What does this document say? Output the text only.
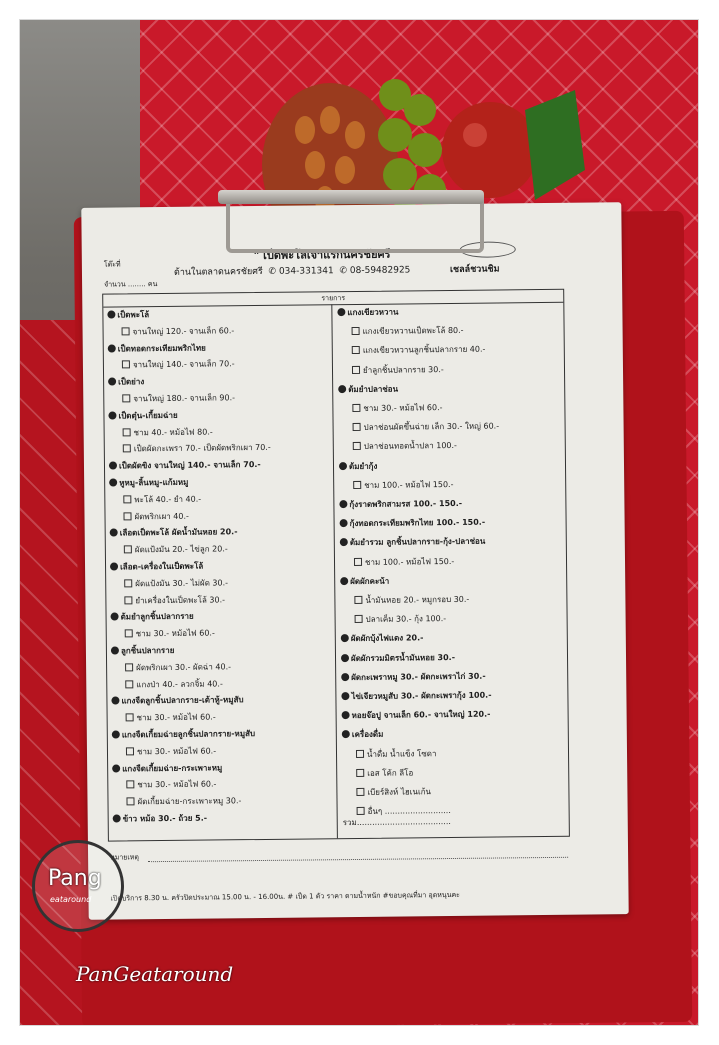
โต๊ะที่
จำนวน ........ คน
" เป็ดพะโล้เจ้าแรกนครชัยศรี "
ด้านในตลาดนครชัยศรี ✆ 034-331341 ✆ 08-59482925	เชลล์ชวนชิม
รายการ
เป็ดพะโล้
จานใหญ่ 120.- จานเล็ก 60.-
เป็ดทอดกระเทียมพริกไทย
จานใหญ่ 140.- จานเล็ก 70.-
เป็ดย่าง
จานใหญ่ 180.- จานเล็ก 90.-
เป็ดตุ๋น-เกี้ยมฉ่าย
ชาม 40.- หม้อไฟ 80.-
เป็ดผัดกะเพรา 70.- เป็ดผัดพริกเผา 70.-
เป็ดผัดขิง จานใหญ่ 140.- จานเล็ก 70.-
หูหมู-ลิ้นหมู-แก้มหมู
พะโล้ 40.- ยำ 40.-
ผัดพริกเผา 40.-
เลือดเป็ดพะโล้ ผัดน้ำมันหอย 20.-
ผัดแป้งมัน 20.- ไข่ลูก 20.-
เลือด-เครื่องในเป็ดพะโล้
ผัดแป้งมัน 30.- ไม่ผัด 30.-
ยำเครื่องในเป็ดพะโล้ 30.-
ต้มยำลูกชิ้นปลากราย
ชาม 30.- หม้อไฟ 60.-
ลูกชิ้นปลากราย
ผัดพริกเผา 30.- ผัดฉ่า 40.-
แกงป่า 40.- ลวกจิ้ม 40.-
แกงจืดลูกชิ้นปลากราย-เต้าหู้-หมูสับ
ชาม 30.- หม้อไฟ 60.-
แกงจืดเกี้ยมฉ่ายลูกชิ้นปลากราย-หมูสับ
ชาม 30.- หม้อไฟ 60.-
แกงจืดเกี้ยมฉ่าย-กระเพาะหมู
ชาม 30.- หม้อไฟ 60.-
ผัดเกี้ยมฉ่าย-กระเพาะหมู 30.-
ข้าว หม้อ 30.- ถ้วย 5.-
แกงเขียวหวาน
แกงเขียวหวานเป็ดพะโล้ 80.-
แกงเขียวหวานลูกชิ้นปลากราย 40.-
ยำลูกชิ้นปลากราย 30.-
ต้มยำปลาช่อน
ชาม 30.- หม้อไฟ 60.-
ปลาช่อนผัดขึ้นฉ่าย เล็ก 30.- ใหญ่ 60.-
ปลาช่อนทอดน้ำปลา 100.-
ต้มยำกุ้ง
ชาม 100.- หม้อไฟ 150.-
กุ้งราดพริกสามรส 100.- 150.-
กุ้งทอดกระเทียมพริกไทย 100.- 150.-
ต้มยำรวม ลูกชิ้นปลากราย-กุ้ง-ปลาช่อน
ชาม 100.- หม้อไฟ 150.-
ผัดผักคะน้า
น้ำมันหอย 20.- หมูกรอบ 30.-
ปลาเค็ม 30.- กุ้ง 100.-
ผัดผักบุ้งไฟแดง 20.-
ผัดผักรวมมิตรน้ำมันหอย 30.-
ผัดกะเพราหมู 30.- ผัดกะเพราไก่ 30.-
ไข่เจียวหมูสับ 30.- ผัดกะเพรากุ้ง 100.-
หอยจ๊อปู จานเล็ก 60.- จานใหญ่ 120.-
เครื่องดื่ม
น้ำดื่ม น้ำแข็ง โซดา
เอส โค้ก ลีโอ
เบียร์สิงห์ ไฮเนเก้น
อื่นๆ ..........................
รวม.....................................
หมายเหตุ
เปิดบริการ 8.30 น. ครัวปิดประมาณ 15.00 น. - 16.00น. # เป็ด 1 ตัว ราคา ตามน้ำหนัก #ขอบคุณที่มา อุดหนุนคะ
Pang
eataround
PanGeataround
